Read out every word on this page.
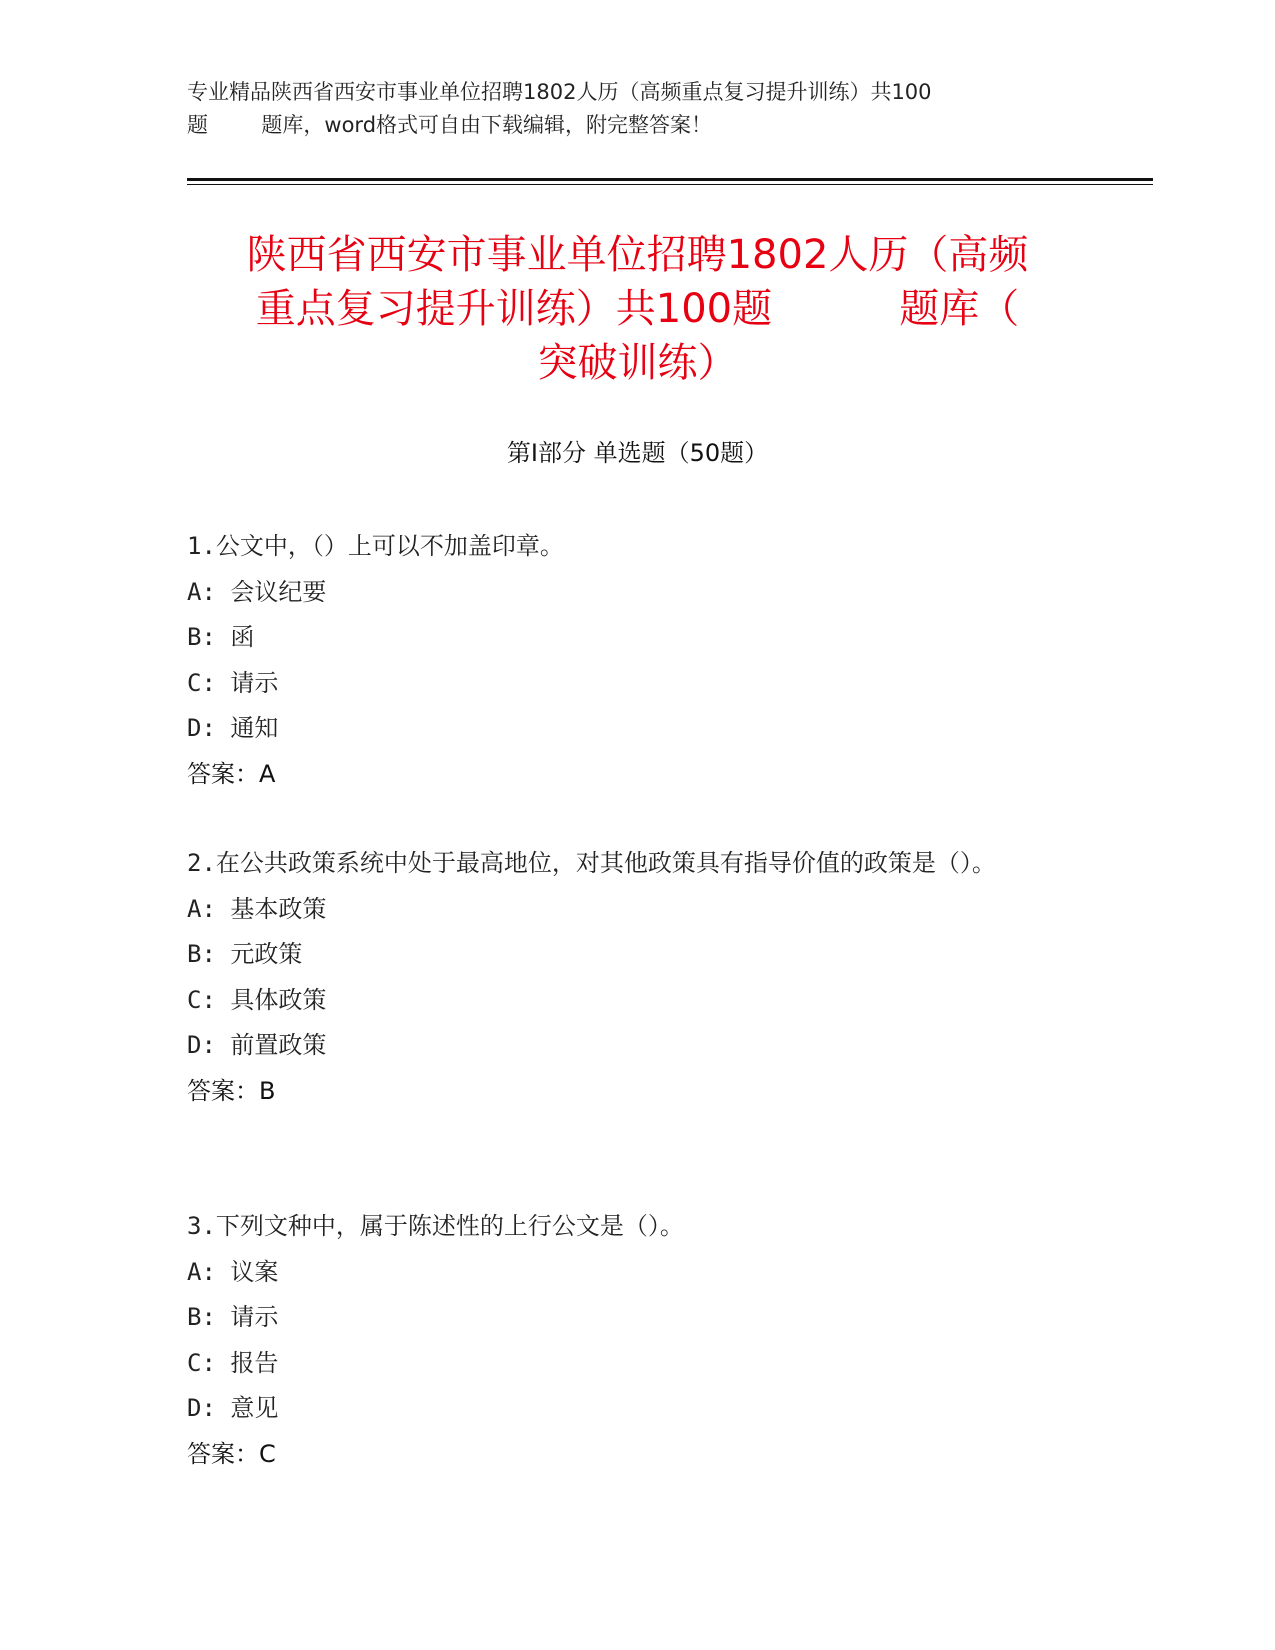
专业精品陕西省西安市事业单位招聘1802人历（高频重点复习提升训练）共100
题        题库，word格式可自由下载编辑，附完整答案！
陕西省西安市事业单位招聘1802人历（高频
重点复习提升训练）共100题          题库（
突破训练）
第Ⅰ部分 单选题（50题）
1.公文中，（）上可以不加盖印章。
A: 会议纪要
B: 函
C: 请示
D: 通知
答案：A
2.在公共政策系统中处于最高地位，对其他政策具有指导价值的政策是（）。
A: 基本政策
B: 元政策
C: 具体政策
D: 前置政策
答案：B
3.下列文种中，属于陈述性的上行公文是（）。
A: 议案
B: 请示
C: 报告
D: 意见
答案：C
